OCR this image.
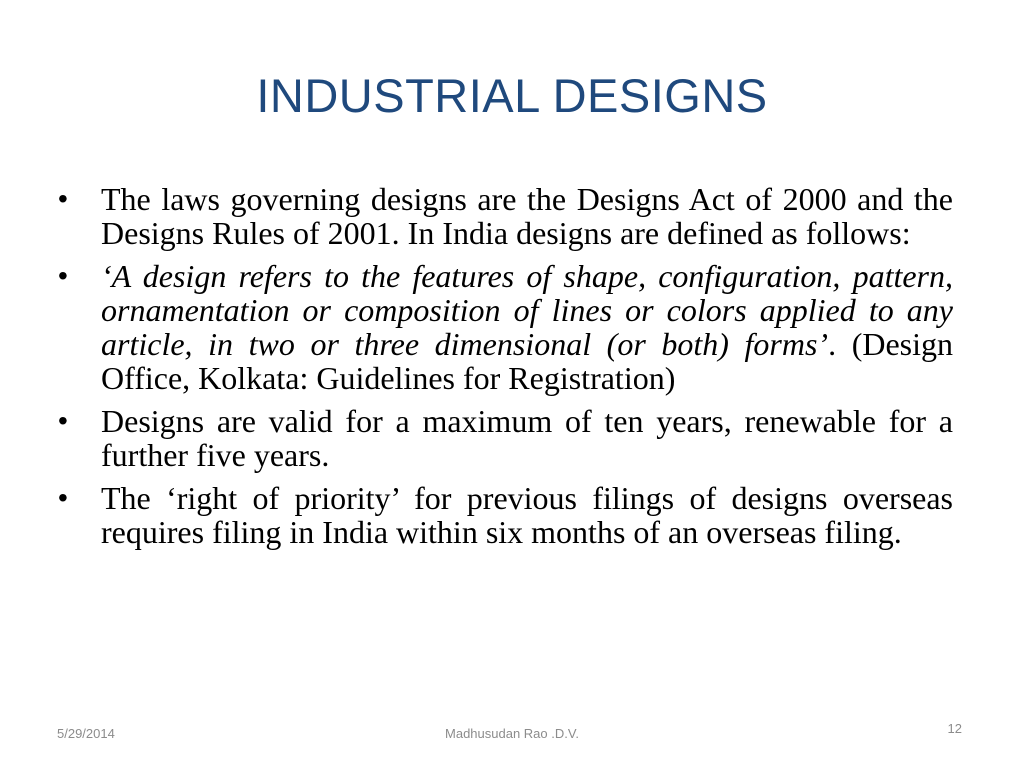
INDUSTRIAL DESIGNS
• The laws governing designs are the Designs Act of 2000 and the Designs Rules of 2001. In India designs are defined as follows:
• ‘A design refers to the features of shape, configuration, pattern, ornamentation or composition of lines or colors applied to any article, in two or three dimensional (or both) forms’. (Design Office, Kolkata: Guidelines for Registration)
• Designs are valid for a maximum of ten years, renewable for a further five years.
• The ‘right of priority’ for previous filings of designs overseas requires filing in India within six months of an overseas filing.
5/29/2014	Madhusudan Rao .D.V.	12
